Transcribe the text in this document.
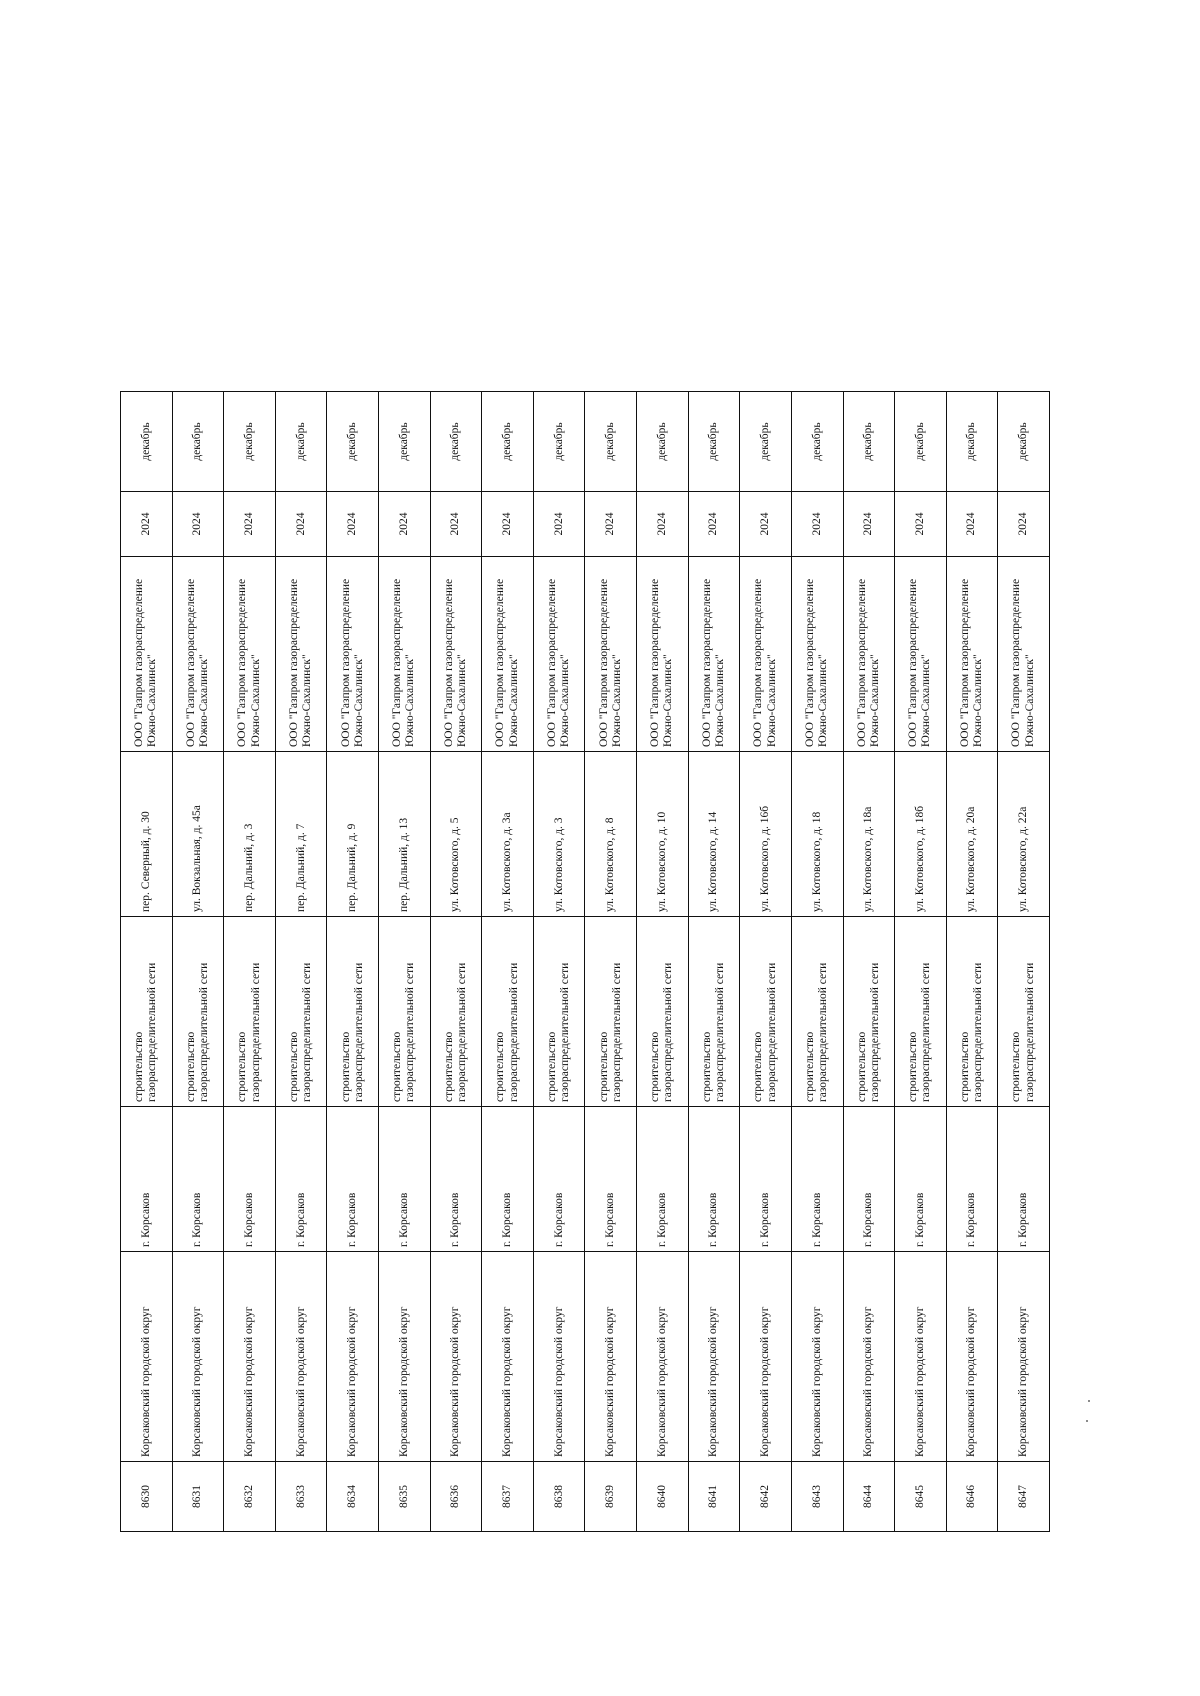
8630	Корсаковский городской округ	г. Корсаков	строительство газораспределительной сети	пер. Северный, д. 30	ООО "Газпром газораспределение Южно-Сахалинск"	2024	декабрь
8631	Корсаковский городской округ	г. Корсаков	строительство газораспределительной сети	ул. Вокзальная, д. 45а	ООО "Газпром газораспределение Южно-Сахалинск"	2024	декабрь
8632	Корсаковский городской округ	г. Корсаков	строительство газораспределительной сети	пер. Дальний, д. 3	ООО "Газпром газораспределение Южно-Сахалинск"	2024	декабрь
8633	Корсаковский городской округ	г. Корсаков	строительство газораспределительной сети	пер. Дальний, д. 7	ООО "Газпром газораспределение Южно-Сахалинск"	2024	декабрь
8634	Корсаковский городской округ	г. Корсаков	строительство газораспределительной сети	пер. Дальний, д. 9	ООО "Газпром газораспределение Южно-Сахалинск"	2024	декабрь
8635	Корсаковский городской округ	г. Корсаков	строительство газораспределительной сети	пер. Дальний, д. 13	ООО "Газпром газораспределение Южно-Сахалинск"	2024	декабрь
8636	Корсаковский городской округ	г. Корсаков	строительство газораспределительной сети	ул. Котовского, д. 5	ООО "Газпром газораспределение Южно-Сахалинск"	2024	декабрь
8637	Корсаковский городской округ	г. Корсаков	строительство газораспределительной сети	ул. Котовского, д. 3а	ООО "Газпром газораспределение Южно-Сахалинск"	2024	декабрь
8638	Корсаковский городской округ	г. Корсаков	строительство газораспределительной сети	ул. Котовского, д. 3	ООО "Газпром газораспределение Южно-Сахалинск"	2024	декабрь
8639	Корсаковский городской округ	г. Корсаков	строительство газораспределительной сети	ул. Котовского, д. 8	ООО "Газпром газораспределение Южно-Сахалинск"	2024	декабрь
8640	Корсаковский городской округ	г. Корсаков	строительство газораспределительной сети	ул. Котовского, д. 10	ООО "Газпром газораспределение Южно-Сахалинск"	2024	декабрь
8641	Корсаковский городской округ	г. Корсаков	строительство газораспределительной сети	ул. Котовского, д. 14	ООО "Газпром газораспределение Южно-Сахалинск"	2024	декабрь
8642	Корсаковский городской округ	г. Корсаков	строительство газораспределительной сети	ул. Котовского, д. 16б	ООО "Газпром газораспределение Южно-Сахалинск"	2024	декабрь
8643	Корсаковский городской округ	г. Корсаков	строительство газораспределительной сети	ул. Котовского, д. 18	ООО "Газпром газораспределение Южно-Сахалинск"	2024	декабрь
8644	Корсаковский городской округ	г. Корсаков	строительство газораспределительной сети	ул. Котовского, д. 18а	ООО "Газпром газораспределение Южно-Сахалинск"	2024	декабрь
8645	Корсаковский городской округ	г. Корсаков	строительство газораспределительной сети	ул. Котовского, д. 18б	ООО "Газпром газораспределение Южно-Сахалинск"	2024	декабрь
8646	Корсаковский городской округ	г. Корсаков	строительство газораспределительной сети	ул. Котовского, д. 20а	ООО "Газпром газораспределение Южно-Сахалинск"	2024	декабрь
8647	Корсаковский городской округ	г. Корсаков	строительство газораспределительной сети	ул. Котовского, д. 22а	ООО "Газпром газораспределение Южно-Сахалинск"	2024	декабрь
